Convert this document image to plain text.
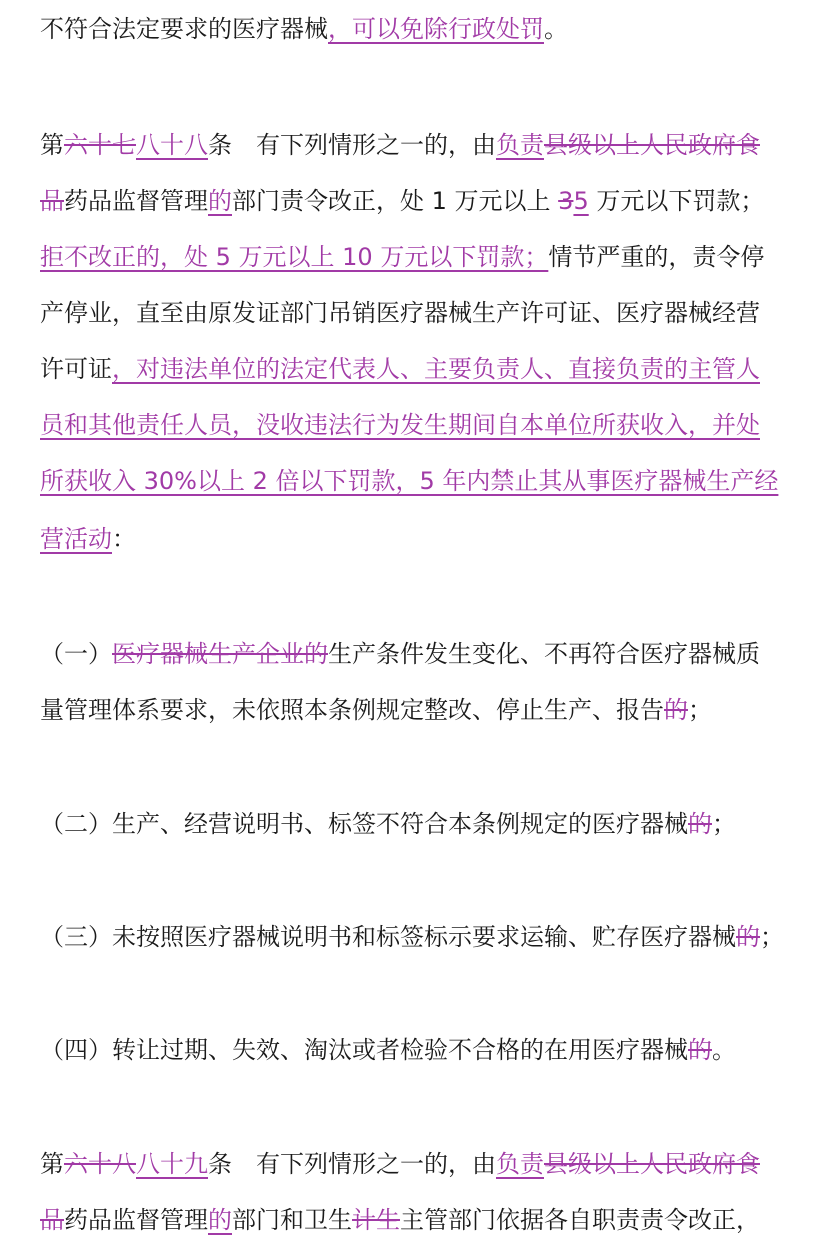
不符合法定要求的医疗器械，可以免除行政处罚。
第六十七八十八条　有下列情形之一的，由负责县级以上人民政府食
品药品监督管理的部门责令改正，处 1 万元以上 35 万元以下罚款；
拒不改正的，处 5 万元以上 10 万元以下罚款；情节严重的，责令停
产停业，直至由原发证部门吊销医疗器械生产许可证、医疗器械经营
许可证，对违法单位的法定代表人、主要负责人、直接负责的主管人
员和其他责任人员，没收违法行为发生期间自本单位所获收入，并处
所获收入 30%以上 2 倍以下罚款，5 年内禁止其从事医疗器械生产经
营活动：
（一）医疗器械生产企业的生产条件发生变化、不再符合医疗器械质
量管理体系要求，未依照本条例规定整改、停止生产、报告的；
（二）生产、经营说明书、标签不符合本条例规定的医疗器械的；
（三）未按照医疗器械说明书和标签标示要求运输、贮存医疗器械的；
（四）转让过期、失效、淘汰或者检验不合格的在用医疗器械的。
第六十八八十九条　有下列情形之一的，由负责县级以上人民政府食
品药品监督管理的部门和卫生计生主管部门依据各自职责责令改正，
